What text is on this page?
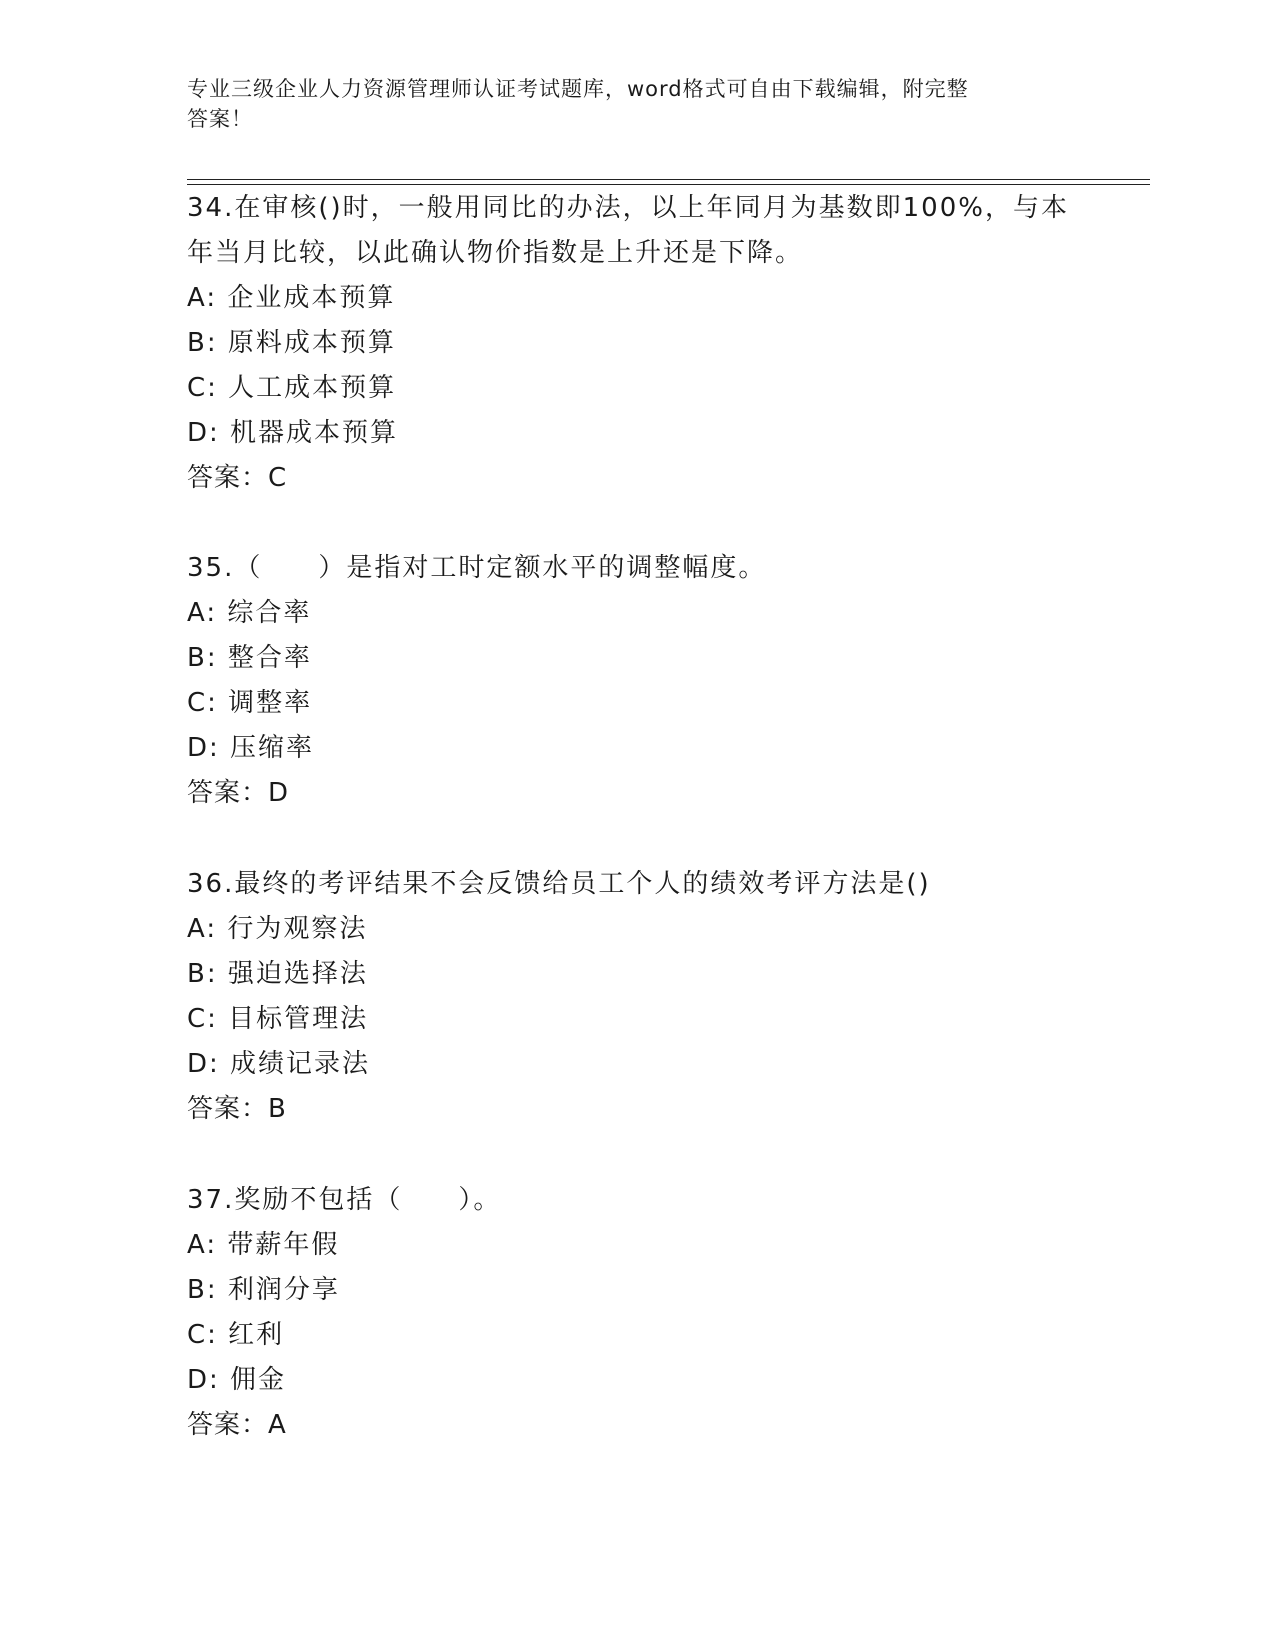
专业三级企业人力资源管理师认证考试题库，word格式可自由下载编辑，附完整
答案！
34.在审核()时，一般用同比的办法，以上年同月为基数即100%，与本
年当月比较，以此确认物价指数是上升还是下降。
A: 企业成本预算
B: 原料成本预算
C: 人工成本预算
D: 机器成本预算
答案：C
35.（　　）是指对工时定额水平的调整幅度。
A: 综合率
B: 整合率
C: 调整率
D: 压缩率
答案：D
36.最终的考评结果不会反馈给员工个人的绩效考评方法是()
A: 行为观察法
B: 强迫选择法
C: 目标管理法
D: 成绩记录法
答案：B
37.奖励不包括（　　）。
A: 带薪年假
B: 利润分享
C: 红利
D: 佣金
答案：A
